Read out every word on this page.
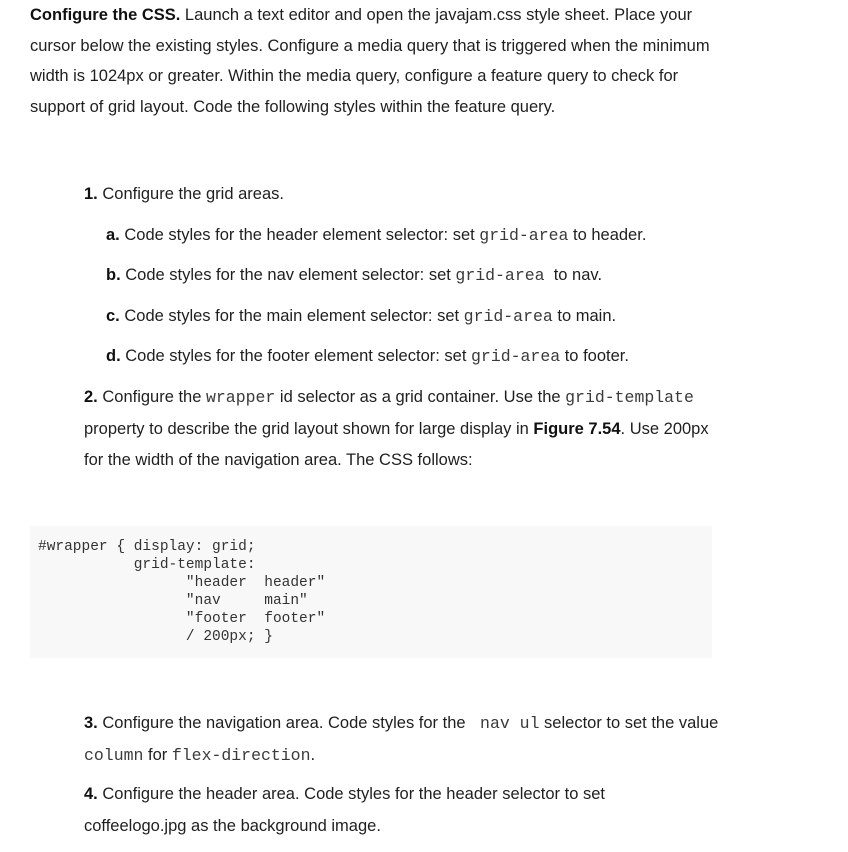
Configure the CSS. Launch a text editor and open the javajam.css style sheet. Place your cursor below the existing styles. Configure a media query that is triggered when the minimum width is 1024px or greater. Within the media query, configure a feature query to check for support of grid layout. Code the following styles within the feature query.
1. Configure the grid areas.
a. Code styles for the header element selector: set grid-area to header.
b. Code styles for the nav element selector: set grid-area  to nav.
c. Code styles for the main element selector: set grid-area to main.
d. Code styles for the footer element selector: set grid-area to footer.
2. Configure the wrapper id selector as a grid container. Use the grid-template property to describe the grid layout shown for large display in Figure 7.54. Use 200px for the width of the navigation area. The CSS follows:
#wrapper { display: grid;
grid-template:
"header  header"
"nav     main"
"footer  footer"
/ 200px; }
3. Configure the navigation area. Code styles for the  nav ul selector to set the value column for flex-direction.
4. Configure the header area. Code styles for the header selector to set coffeelogo.jpg as the background image.
